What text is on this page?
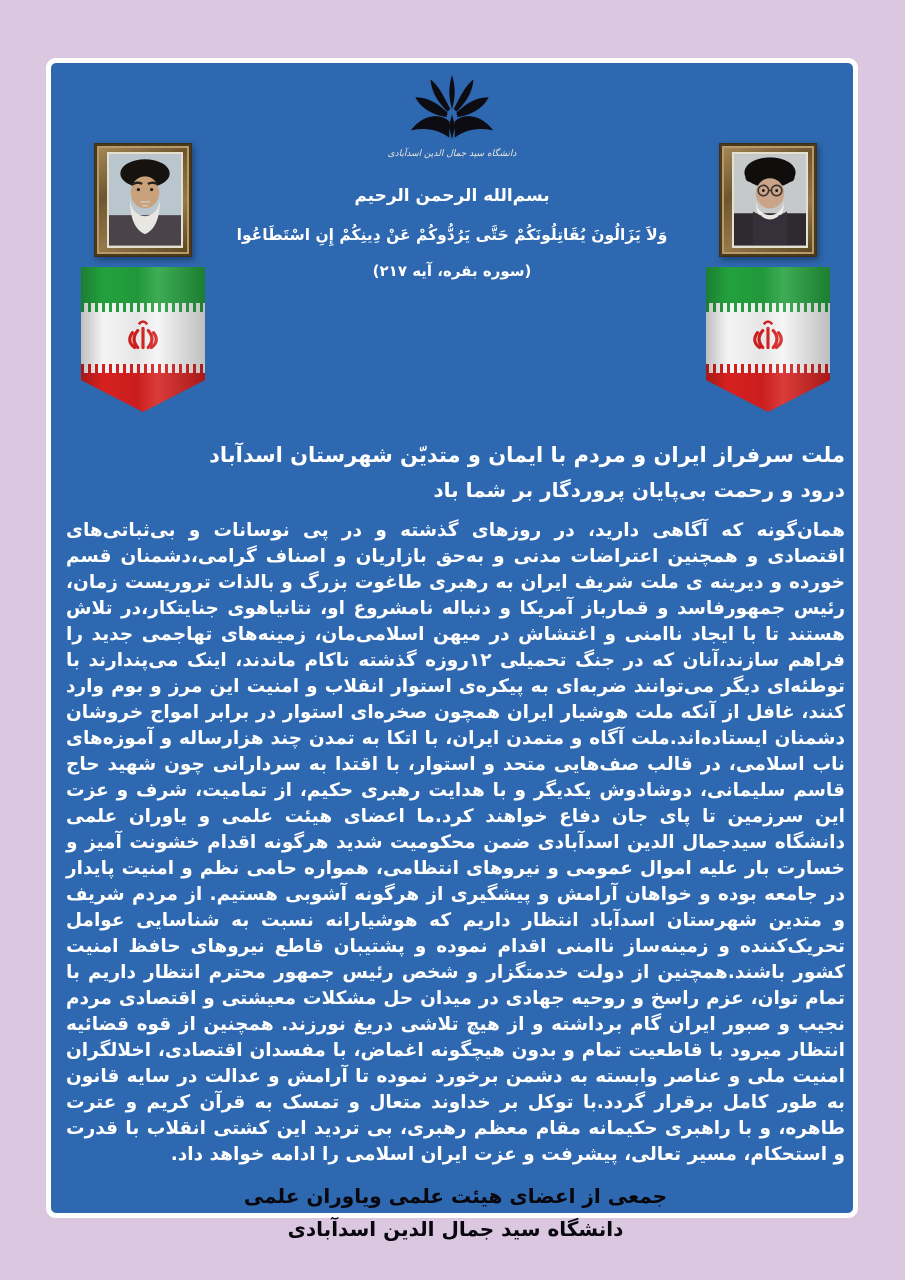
دانشگاه سید جمال الدین اسدآبادی
بسم‌الله الرحمن الرحیم
وَلاَ یَزَالُونَ یُقَاتِلُونَکُمْ حَتَّی یَرُدُّوکُمْ عَنْ دِینِکُمْ إِنِ اسْتَطَاعُوا
(سوره بقره، آیه ۲۱۷)
ملت سرفراز ایران و مردم با ایمان و متدیّن شهرستان اسدآباد
درود و رحمت بی‌پایان پروردگار بر شما باد

همان‌گونه که آگاهی دارید، در روزهای گذشته و در پی نوسانات و بی‌ثباتی‌های اقتصادی و همچنین اعتراضات مدنی و به‌حق بازاریان و اصناف گرامی،دشمنان قسم خورده و دیرینه ی ملت شریف ایران به رهبری طاغوت بزرگ و بالذات تروریست زمان، رئیس جمهورفاسد و قمارباز آمریکا و دنباله نامشروع او، نتانیاهوی جنایتکار،در تلاش هستند تا با ایجاد ناامنی و اغتشاش در میهن اسلامی‌مان، زمینه‌های تهاجمی جدید را فراهم سازند،آنان که در جنگ تحمیلی ۱۲روزه گذشته ناکام ماندند، اینک می‌پندارند با توطئه‌ای دیگر می‌توانند ضربه‌ای به پیکره‌ی استوار انقلاب و امنیت این مرز و بوم وارد کنند، غافل از آنکه ملت هوشیار ایران همچون صخره‌ای استوار در برابر امواج خروشان دشمنان ایستاده‌اند.ملت آگاه و متمدن ایران، با اتکا به تمدن چند هزارساله و آموزه‌های ناب اسلامی، در قالب صف‌هایی متحد و استوار، با اقتدا به سردارانی چون شهید حاج قاسم سلیمانی، دوشادوش یکدیگر و با هدایت رهبری حکیم، از تمامیت، شرف و عزت این سرزمین تا پای جان دفاع خواهند کرد.ما اعضای هیئت علمی و یاوران علمی دانشگاه سیدجمال الدین اسدآبادی ضمن محکومیت شدید هرگونه اقدام خشونت آمیز و خسارت بار علیه اموال عمومی و نیروهای انتظامی، همواره حامی نظم و امنیت پایدار در جامعه بوده و خواهان آرامش و پیشگیری از هرگونه آشوبی هستیم. از مردم شریف و متدین شهرستان اسدآباد انتظار داریم که هوشیارانه نسبت به شناسایی عوامل تحریک‌کننده و زمینه‌ساز ناامنی اقدام نموده و پشتیبان قاطع نیروهای حافظ امنیت کشور باشند.همچنین از دولت خدمتگزار و شخص رئیس جمهور محترم انتظار داریم با تمام توان، عزم راسخ و روحیه جهادی در میدان حل مشکلات معیشتی و اقتصادی مردم نجیب و صبور ایران گام برداشته و از هیچ تلاشی دریغ نورزند. همچنین از قوه قضائیه انتظار میرود با قاطعیت تمام و بدون هیچگونه اغماض، با مفسدان اقتصادی، اخلالگران امنیت ملی و عناصر وابسته به دشمن برخورد نموده تا آرامش و عدالت در سایه قانون به طور کامل برقرار گردد.با توکل بر خداوند متعال و تمسک به قرآن کریم و عترت طاهره، و با راهبری حکیمانه مقام معظم رهبری، بی تردید این کشتی انقلاب با قدرت و استحکام، مسیر تعالی، پیشرفت و عزت ایران اسلامی را ادامه خواهد داد.

جمعی از اعضای هیئت علمی ویاوران علمی
دانشگاه سید جمال الدین اسدآبادی
